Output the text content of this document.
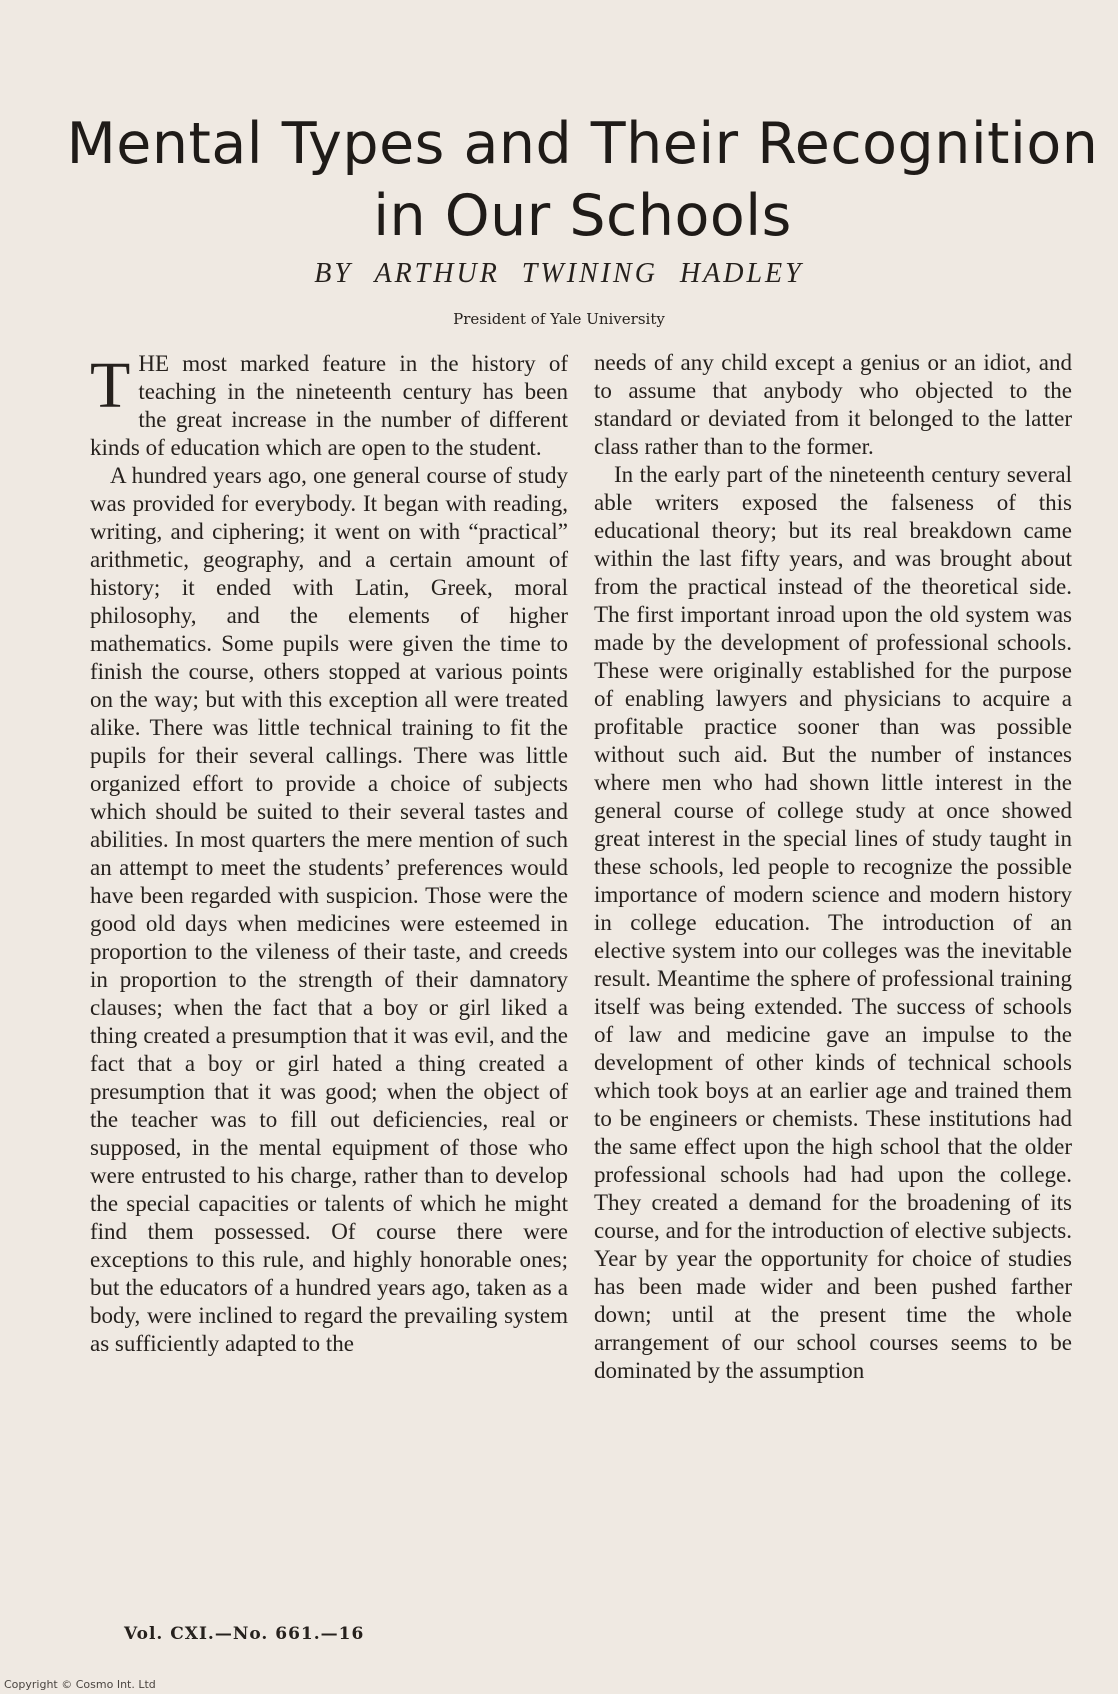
Mental Types and Their Recognition in Our Schools
BY ARTHUR TWINING HADLEY
President of Yale University

THE most marked feature in the history of teaching in the nineteenth century has been the great increase in the number of different kinds of education which are open to the student.

A hundred years ago, one general course of study was provided for everybody. It began with reading, writing, and ciphering; it went on with “practical” arithmetic, geography, and a certain amount of history; it ended with Latin, Greek, moral philosophy, and the elements of higher mathematics. Some pupils were given the time to finish the course, others stopped at various points on the way; but with this exception all were treated alike. There was little technical training to fit the pupils for their several callings. There was little organized effort to provide a choice of subjects which should be suited to their several tastes and abilities. In most quarters the mere mention of such an attempt to meet the students’ preferences would have been regarded with suspicion. Those were the good old days when medicines were esteemed in proportion to the vileness of their taste, and creeds in proportion to the strength of their damnatory clauses; when the fact that a boy or girl liked a thing created a presumption that it was evil, and the fact that a boy or girl hated a thing created a presumption that it was good; when the object of the teacher was to fill out deficiencies, real or supposed, in the mental equipment of those who were entrusted to his charge, rather than to develop the special capacities or talents of which he might find them possessed. Of course there were exceptions to this rule, and highly honorable ones; but the educators of a hundred years ago, taken as a body, were inclined to regard the prevailing system as sufficiently adapted to the

needs of any child except a genius or an idiot, and to assume that anybody who objected to the standard or deviated from it belonged to the latter class rather than to the former.

In the early part of the nineteenth century several able writers exposed the falseness of this educational theory; but its real breakdown came within the last fifty years, and was brought about from the practical instead of the theoretical side. The first important inroad upon the old system was made by the development of professional schools. These were originally established for the purpose of enabling lawyers and physicians to acquire a profitable practice sooner than was possible without such aid. But the number of instances where men who had shown little interest in the general course of college study at once showed great interest in the special lines of study taught in these schools, led people to recognize the possible importance of modern science and modern history in college education. The introduction of an elective system into our colleges was the inevitable result. Meantime the sphere of professional training itself was being extended. The success of schools of law and medicine gave an impulse to the development of other kinds of technical schools which took boys at an earlier age and trained them to be engineers or chemists. These institutions had the same effect upon the high school that the older professional schools had had upon the college. They created a demand for the broadening of its course, and for the introduction of elective subjects. Year by year the opportunity for choice of studies has been made wider and been pushed farther down; until at the present time the whole arrangement of our school courses seems to be dominated by the assumption

Vol. CXI.—No. 661.—16
Copyright © Cosmo Int. Ltd
